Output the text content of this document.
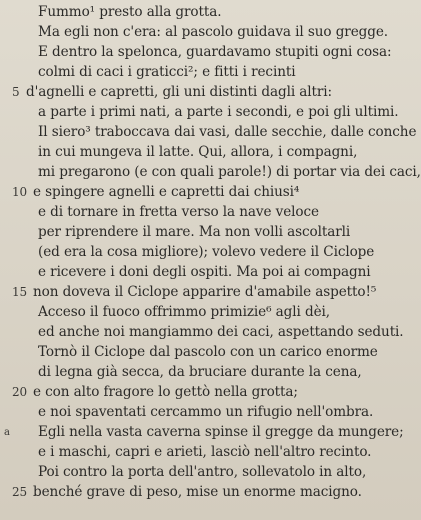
Fummo¹ presto alla grotta.
Ma egli non c'era: al pascolo guidava il suo gregge.
E dentro la spelonca, guardavamo stupiti ogni cosa:
colmi di caci i graticci²; e fitti i recinti
5 d'agnelli e capretti, gli uni distinti dagli altri:
a parte i primi nati, a parte i secondi, e poi gli ultimi.
Il siero³ traboccava dai vasi, dalle secchie, dalle conche
in cui mungeva il latte. Qui, allora, i compagni,
mi pregarono (e con quali parole!) di portar via dei caci,
10 e spingere agnelli e capretti dai chiusi⁴
e di tornare in fretta verso la nave veloce
per riprendere il mare. Ma non volli ascoltarli
(ed era la cosa migliore); volevo vedere il Ciclope
e ricevere i doni degli ospiti. Ma poi ai compagni
15 non doveva il Ciclope apparire d'amabile aspetto!⁵
Acceso il fuoco offrimmo primizie⁶ agli dèi,
ed anche noi mangiammo dei caci, aspettando seduti.
Tornò il Ciclope dal pascolo con un carico enorme
di legna già secca, da bruciare durante la cena,
20 e con alto fragore lo gettò nella grotta;
e noi spaventati cercammo un rifugio nell'ombra.
a Egli nella vasta caverna spinse il gregge da mungere;
e i maschi, capri e arieti, lasciò nell'altro recinto.
Poi contro la porta dell'antro, sollevatolo in alto,
25 benché grave di peso, mise un enorme macigno.
